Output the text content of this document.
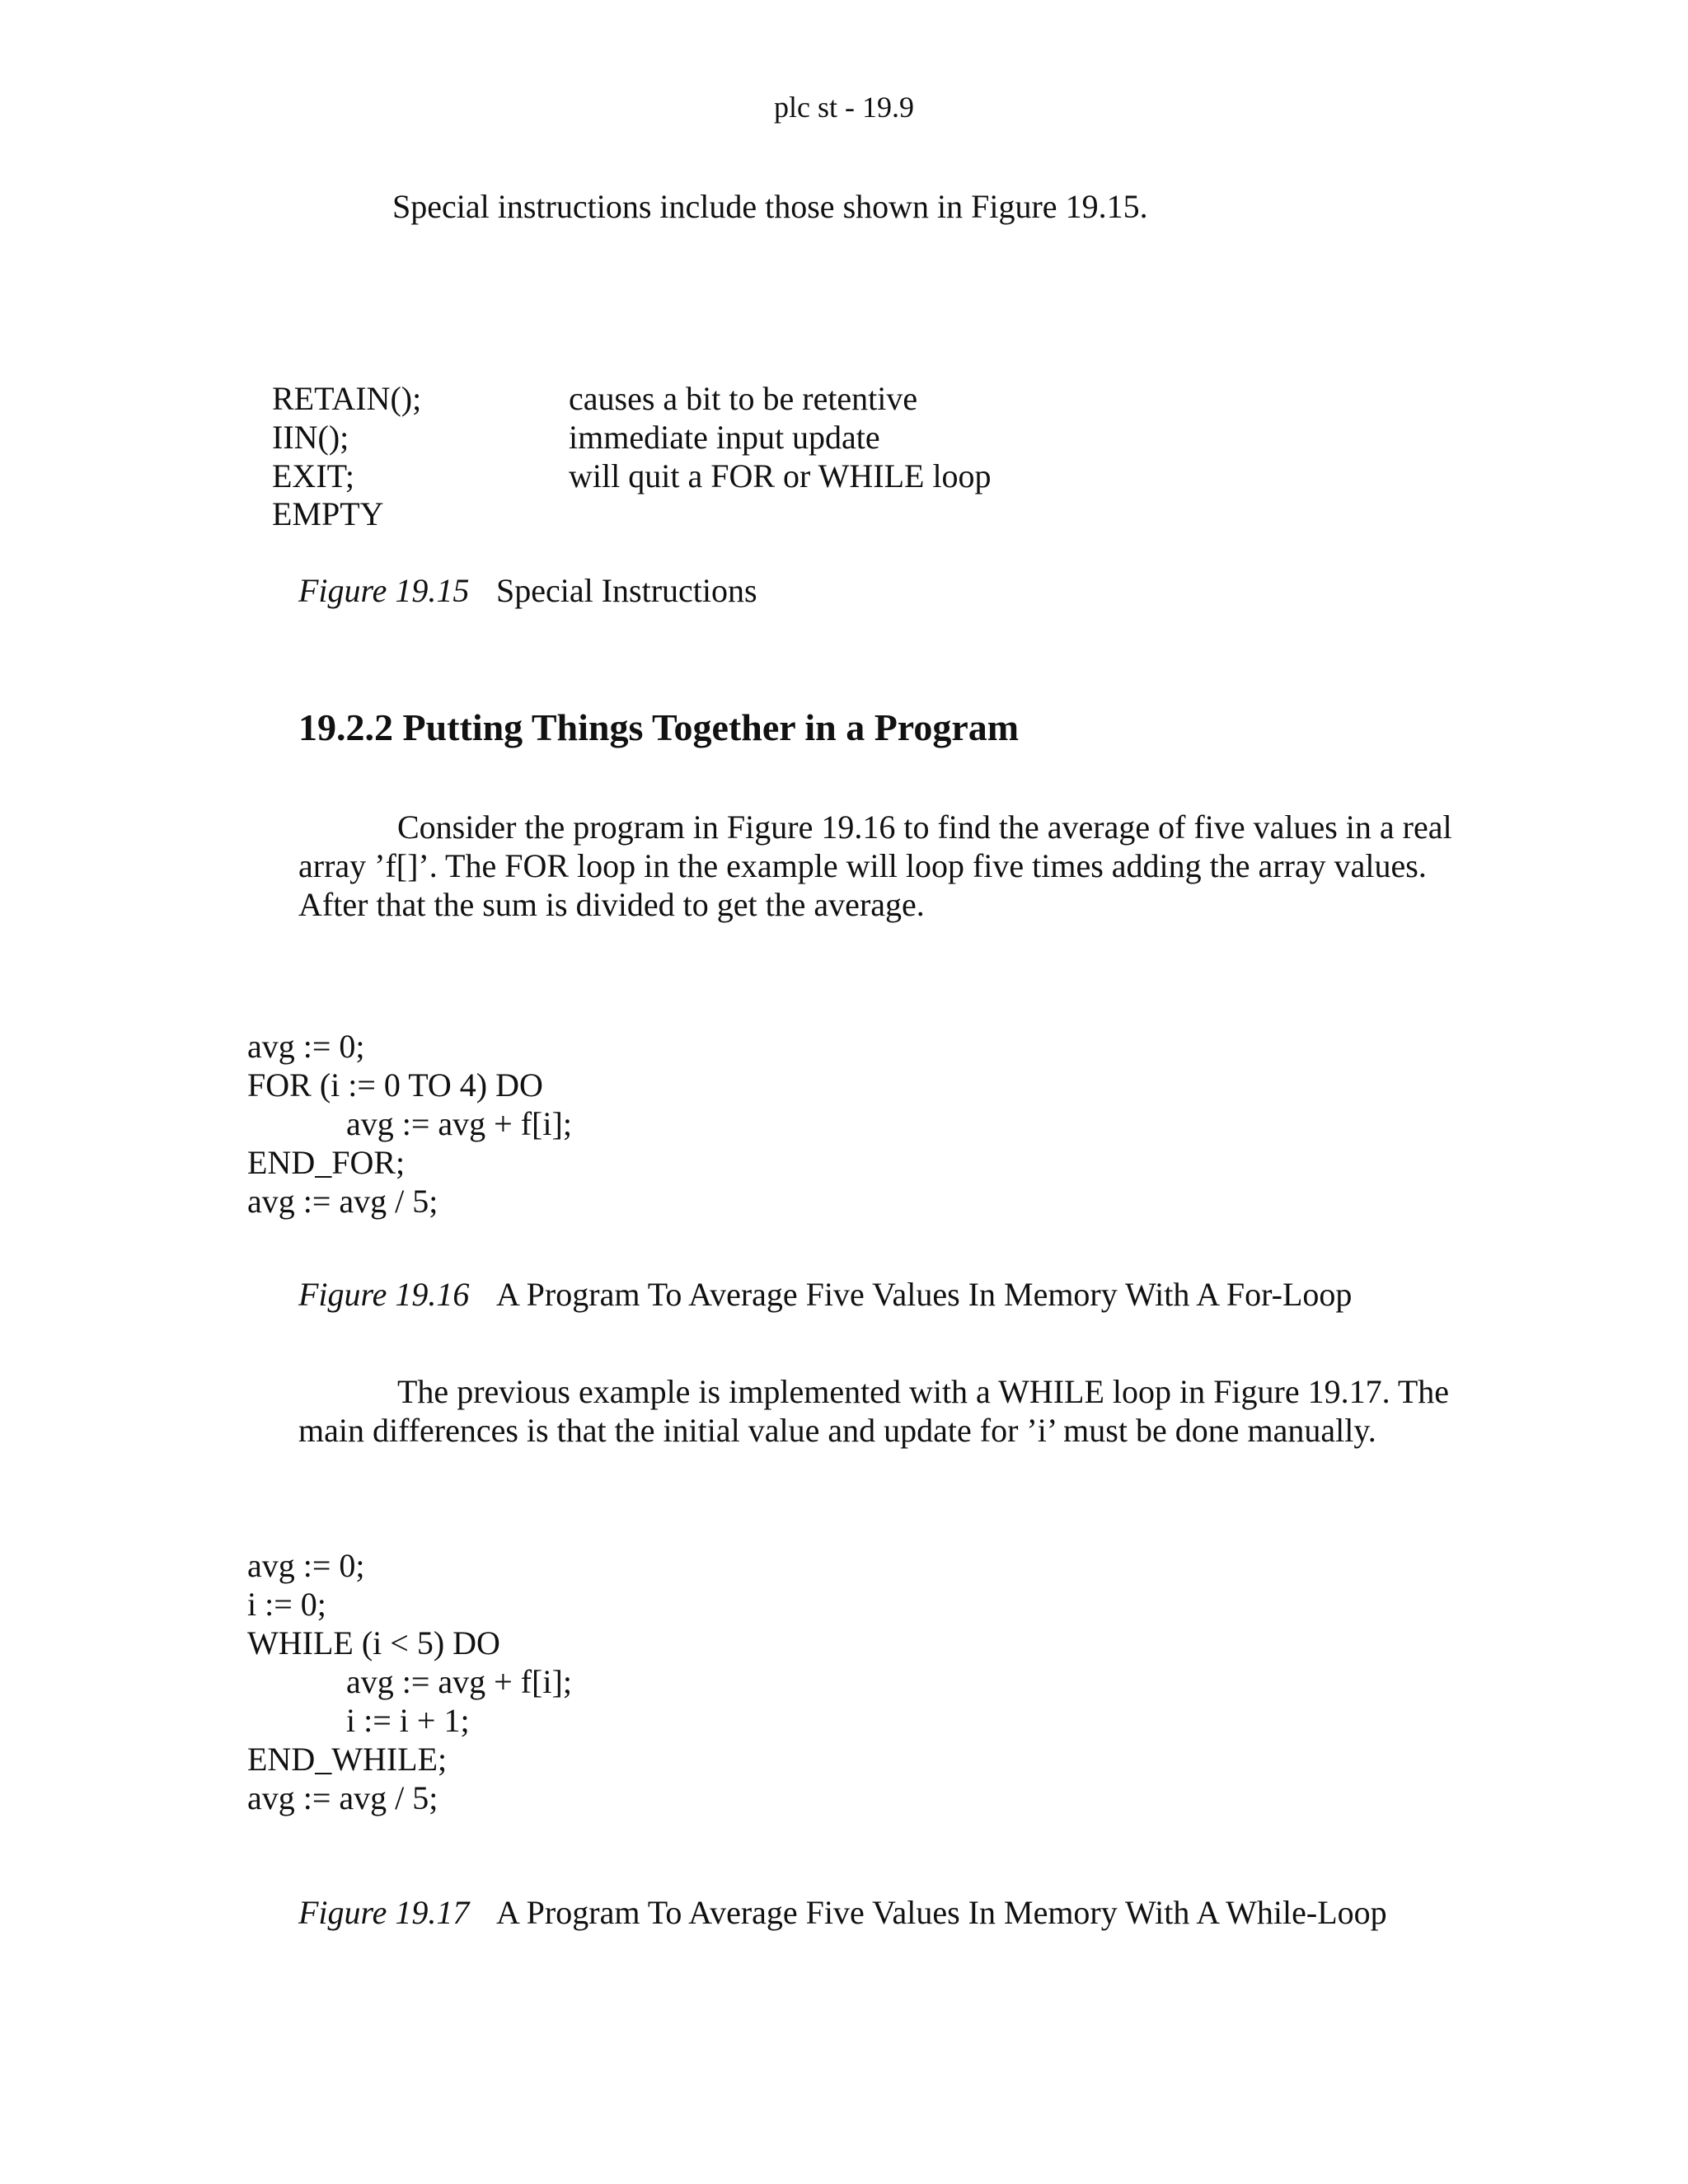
plc st - 19.9
Special instructions include those shown in Figure 19.15.

RETAIN();	causes a bit to be retentive

IIN();	immediate input update

EXIT;	will quit a FOR or WHILE loop

EMPTY

Figure 19.15 Special Instructions
19.2.2 Putting Things Together in a Program
Consider the program in Figure 19.16 to find the average of five values in a real array ’f[]’. The FOR loop in the example will loop five times adding the array values. After that the sum is divided to get the average.
avg := 0;
FOR (i := 0 TO 4) DO
avg := avg + f[i];
END_FOR;
avg := avg / 5;
Figure 19.16 A Program To Average Five Values In Memory With A For-Loop
The previous example is implemented with a WHILE loop in Figure 19.17. The main differences is that the initial value and update for ’i’ must be done manually.
avg := 0;
i := 0;
WHILE (i < 5) DO
avg := avg + f[i];
i := i + 1;
END_WHILE;
avg := avg / 5;
Figure 19.17 A Program To Average Five Values In Memory With A While-Loop
